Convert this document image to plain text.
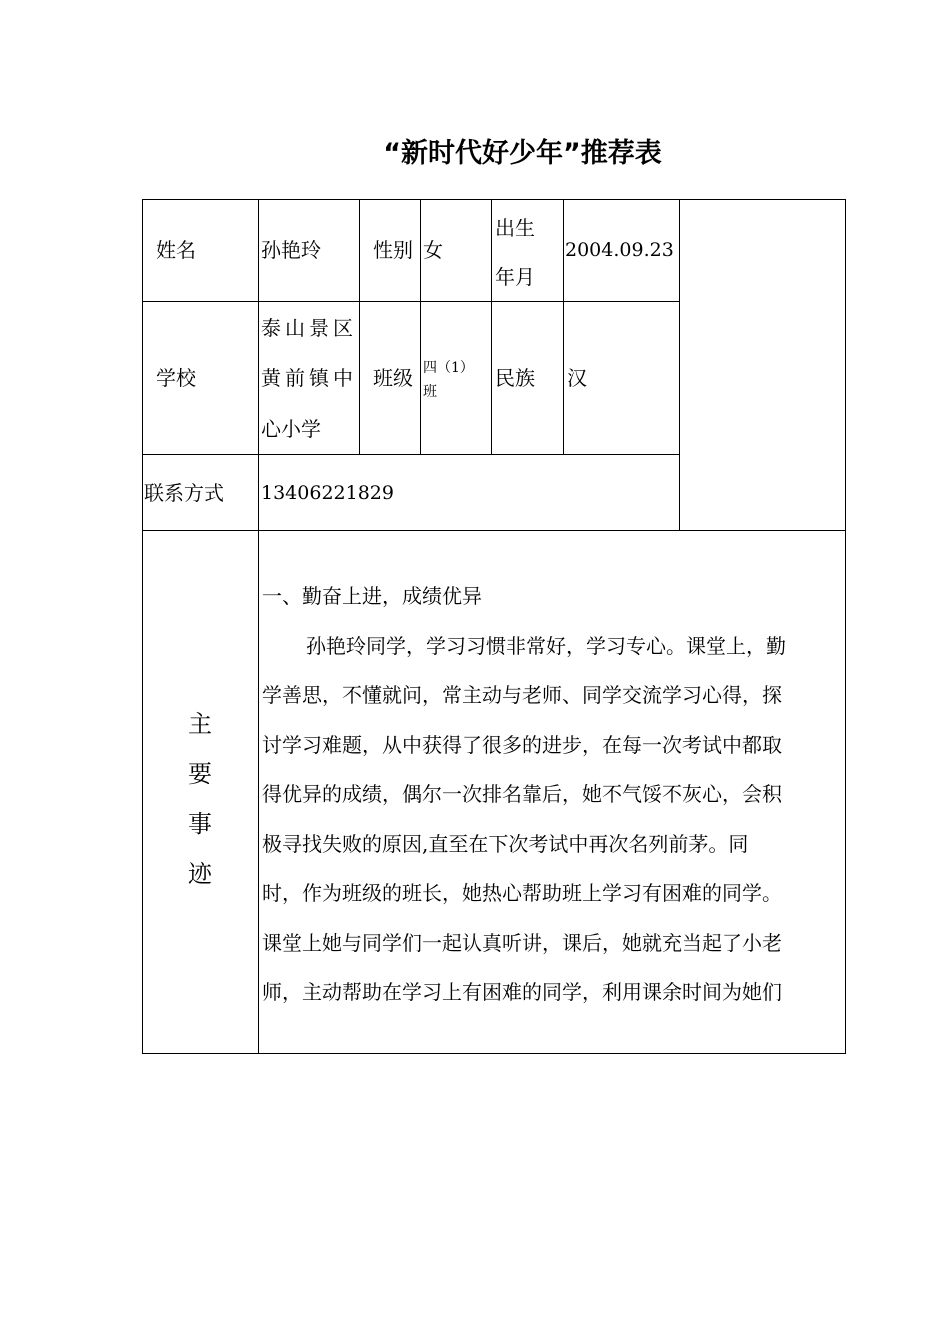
“新时代好少年”推荐表
姓名	孙艳玲	性别 女
出生
年月
2004.09.23
学校
泰山景区
黄前镇中
心小学
班级 四（1）
班
民族 汉
联系方式 13406221829
主
要
事
迹

一、勤奋上进，成绩优异

孙艳玲同学，学习习惯非常好，学习专心。课堂上，勤

学善思，不懂就问，常主动与老师、同学交流学习心得，探

讨学习难题，从中获得了很多的进步，在每一次考试中都取

得优异的成绩，偶尔一次排名靠后，她不气馁不灰心，会积

极寻找失败的原因,直至在下次考试中再次名列前茅。同

时，作为班级的班长，她热心帮助班上学习有困难的同学。

课堂上她与同学们一起认真听讲，课后，她就充当起了小老

师，主动帮助在学习上有困难的同学，利用课余时间为她们
